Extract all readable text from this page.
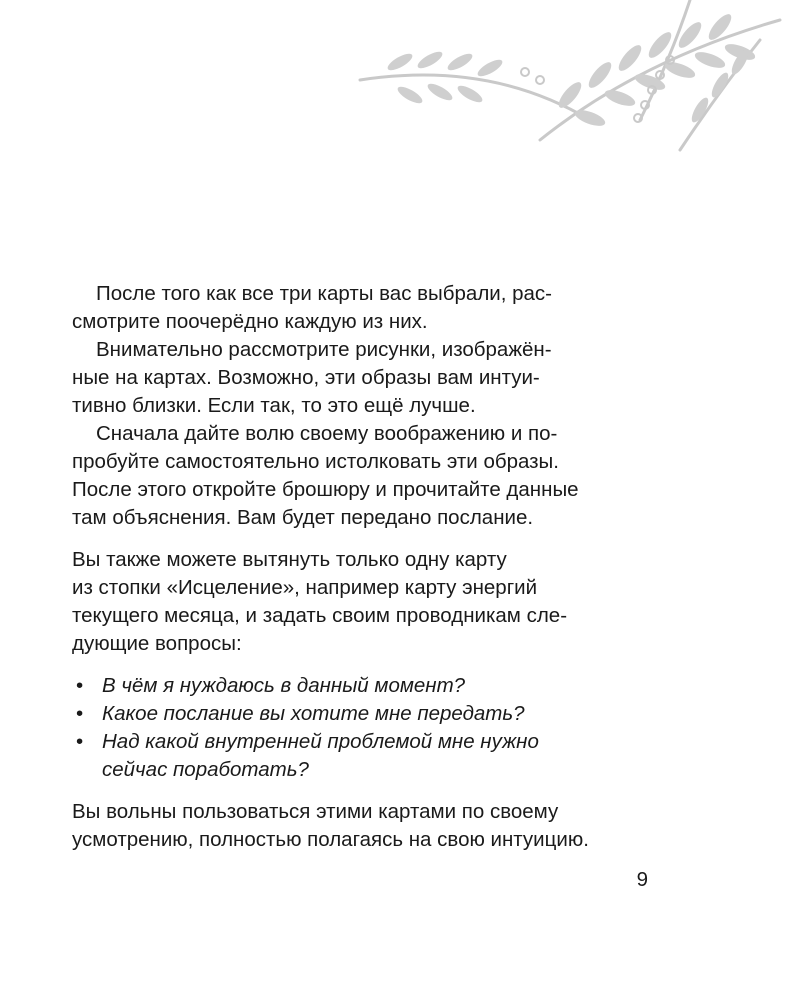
После того как все три карты вас выбрали, рас-
смотрите поочерёдно каждую из них.

Внимательно рассмотрите рисунки, изображён-
ные на картах. Возможно, эти образы вам интуи-
тивно близки. Если так, то это ещё лучше.

Сначала дайте волю своему воображению и по-
пробуйте самостоятельно истолковать эти образы.
После этого откройте брошюру и прочитайте данные
там объяснения. Вам будет передано послание.

Вы также можете вытянуть только одну карту
из стопки «Исцеление», например карту энергий
текущего месяца, и задать своим проводникам сле-
дующие вопросы:

• В чём я нуждаюсь в данный момент?
• Какое послание вы хотите мне передать?
• Над какой внутренней проблемой мне нужно
сейчас поработать?

Вы вольны пользоваться этими картами по своему
усмотрению, полностью полагаясь на свою интуицию.

9
